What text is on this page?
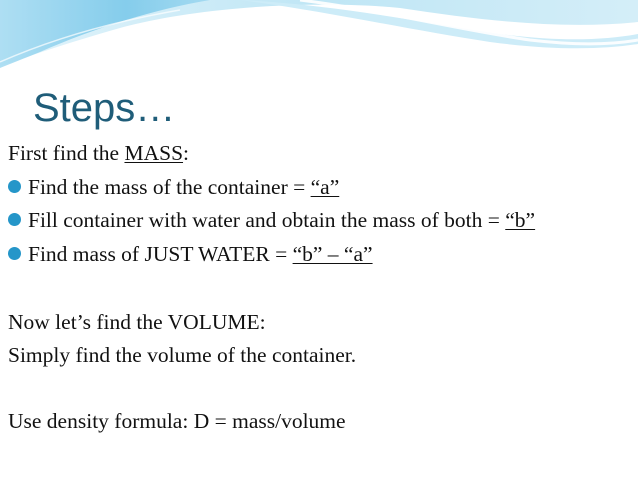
Steps…
First find the MASS:
Find the mass of the container = “a”
Fill container with water and obtain the mass of both = “b”
Find mass of JUST WATER = “b” – “a”
Now let’s find the VOLUME:
Simply find the volume of the container.
Use density formula: D = mass/volume
